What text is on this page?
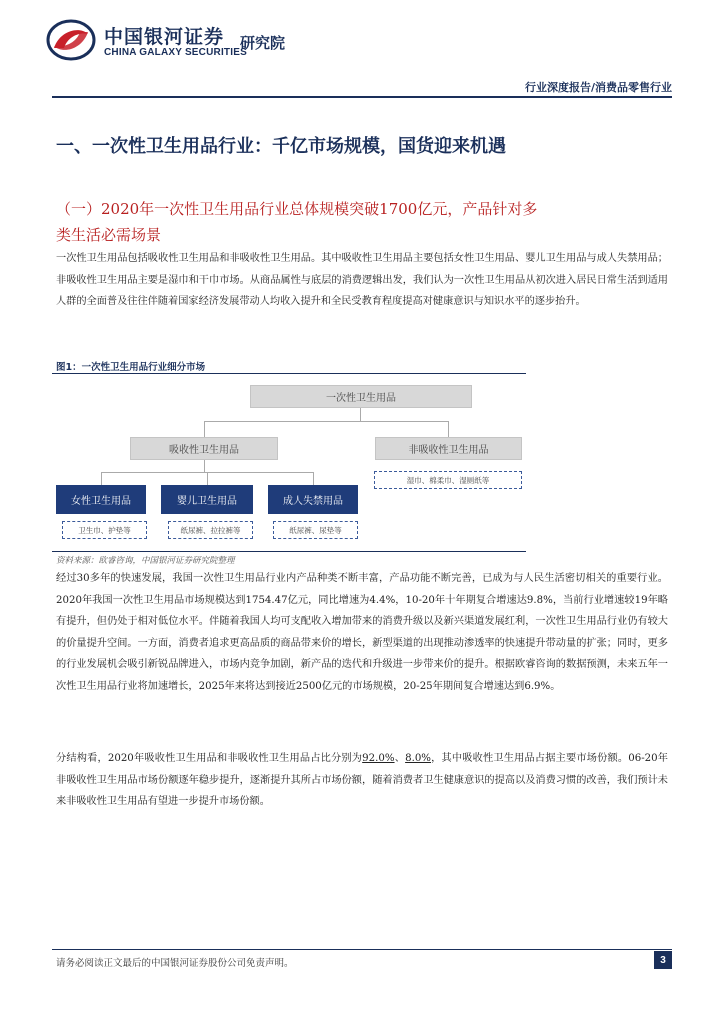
中国银河证券
CHINA GALAXY SECURITIES
研究院
行业深度报告/消费品零售行业
一、一次性卫生用品行业：千亿市场规模，国货迎来机遇
（一）2020年一次性卫生用品行业总体规模突破1700亿元，产品针对多类生活必需场景
一次性卫生用品包括吸收性卫生用品和非吸收性卫生用品。其中吸收性卫生用品主要包括女性卫生用品、婴儿卫生用品与成人失禁用品；非吸收性卫生用品主要是湿巾和干巾市场。从商品属性与底层的消费逻辑出发，我们认为一次性卫生用品从初次进入居民日常生活到适用人群的全面普及往往伴随着国家经济发展带动人均收入提升和全民受教育程度提高对健康意识与知识水平的逐步抬升。
图1：一次性卫生用品行业细分市场
一次性卫生用品
吸收性卫生用品	非吸收性卫生用品
湿巾、棉柔巾、湿厕纸等
女性卫生用品	婴儿卫生用品	成人失禁用品
卫生巾、护垫等	纸尿裤、拉拉裤等	纸尿裤、尿垫等
资料来源：欧睿咨询，中国银河证券研究院整理
经过30多年的快速发展，我国一次性卫生用品行业内产品种类不断丰富，产品功能不断完善，已成为与人民生活密切相关的重要行业。2020年我国一次性卫生用品市场规模达到1754.47亿元，同比增速为4.4%，10-20年十年期复合增速达9.8%，当前行业增速较19年略有提升，但仍处于相对低位水平。伴随着我国人均可支配收入增加带来的消费升级以及新兴渠道发展红利，一次性卫生用品行业仍有较大的价量提升空间。一方面，消费者追求更高品质的商品带来价的增长，新型渠道的出现推动渗透率的快速提升带动量的扩张；同时，更多的行业发展机会吸引新锐品牌进入，市场内竞争加剧，新产品的迭代和升级进一步带来价的提升。根据欧睿咨询的数据预测，未来五年一次性卫生用品行业将加速增长，2025年来将达到接近2500亿元的市场规模，20-25年期间复合增速达到6.9%。
分结构看，2020年吸收性卫生用品和非吸收性卫生用品占比分别为92.0%、8.0%，其中吸收性卫生用品占据主要市场份额。06-20年非吸收性卫生用品市场份额逐年稳步提升，逐渐提升其所占市场份额，随着消费者卫生健康意识的提高以及消费习惯的改善，我们预计未来非吸收性卫生用品有望进一步提升市场份额。
请务必阅读正文最后的中国银河证券股份公司免责声明。	3
